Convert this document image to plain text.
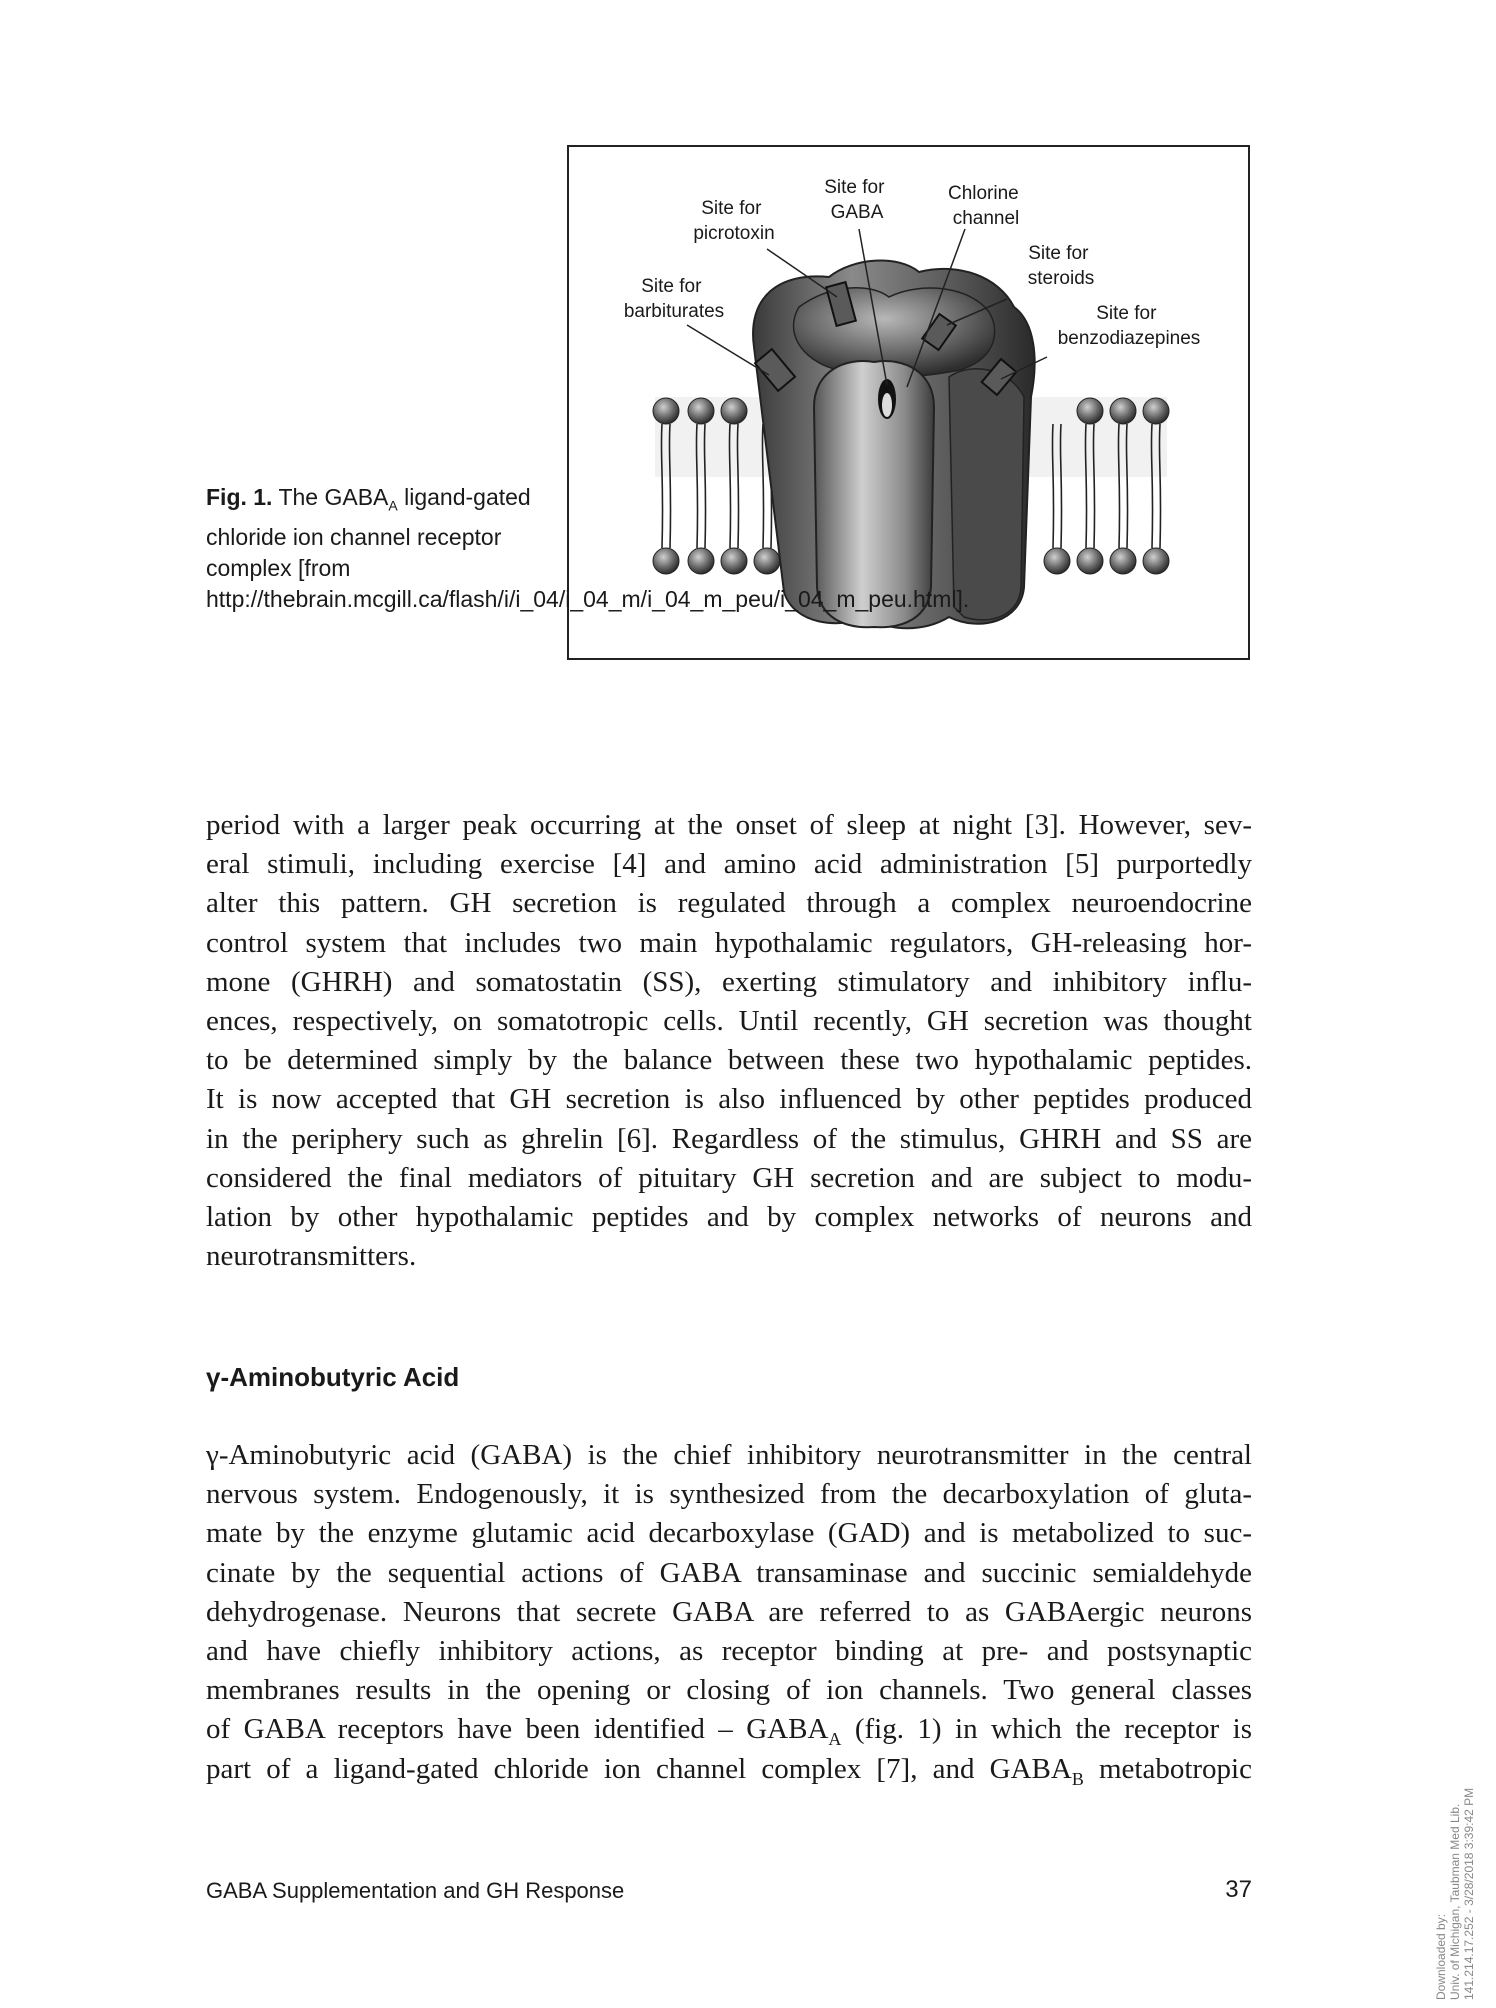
Site for picrotoxin
Site for GABA
Chlorine channel
Site for barbiturates
Site for steroids
Site for benzodiazepines
Fig. 1. The $GABA_A$ ligand-gated chloride ion channel receptor complex [from http://thebrain.mcgill.ca/flash/i/i_04/i_04_m/i_04_m_peu/i_04_m_peu.html].
period with a larger peak occurring at the onset of sleep at night [3]. However, sev-
eral stimuli, including exercise [4] and amino acid administration [5] purportedly
alter this pattern. GH secretion is regulated through a complex neuroendocrine
control system that includes two main hypothalamic regulators, GH-releasing hor-
mone (GHRH) and somatostatin (SS), exerting stimulatory and inhibitory influ-
ences, respectively, on somatotropic cells. Until recently, GH secretion was thought
to be determined simply by the balance between these two hypothalamic peptides.
It is now accepted that GH secretion is also influenced by other peptides produced
in the periphery such as ghrelin [6]. Regardless of the stimulus, GHRH and SS are
considered the final mediators of pituitary GH secretion and are subject to modu-
lation by other hypothalamic peptides and by complex networks of neurons and
neurotransmitters.
γ-Aminobutyric Acid
γ-Aminobutyric acid (GABA) is the chief inhibitory neurotransmitter in the central
nervous system. Endogenously, it is synthesized from the decarboxylation of gluta-
mate by the enzyme glutamic acid decarboxylase (GAD) and is metabolized to suc-
cinate by the sequential actions of GABA transaminase and succinic semialdehyde
dehydrogenase. Neurons that secrete GABA are referred to as GABAergic neurons
and have chiefly inhibitory actions, as receptor binding at pre- and postsynaptic
membranes results in the opening or closing of ion channels. Two general classes
of GABA receptors have been identified – $GABA_A$ (fig. 1) in which the receptor is
part of a ligand-gated chloride ion channel complex [7], and $GABA_B$ metabotropic
GABA Supplementation and GH Response	37
Downloaded by: Univ. of Michigan, Taubman Med Lib. 141.214.17.252 - 3/28/2018 3:39:42 PM
